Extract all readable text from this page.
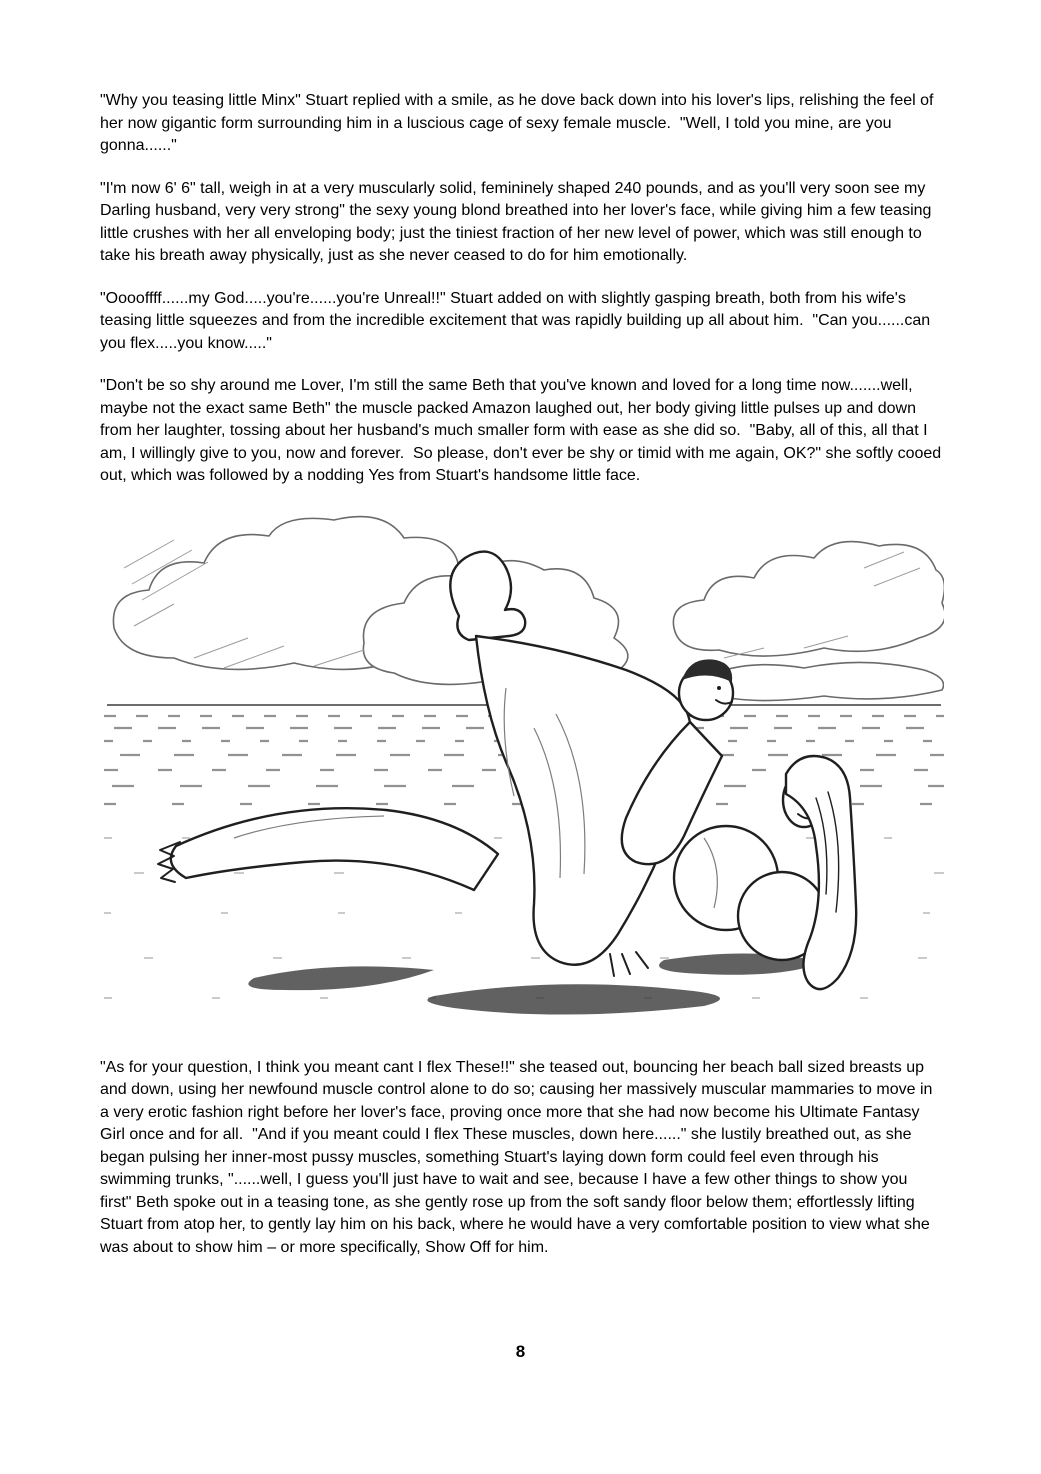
"Why you teasing little Minx" Stuart replied with a smile, as he dove back down into his lover's lips, relishing the feel of her now gigantic form surrounding him in a luscious cage of sexy female muscle.  "Well, I told you mine, are you gonna......"

"I'm now 6' 6" tall, weigh in at a very muscularly solid, femininely shaped 240 pounds, and as you'll very soon see my Darling husband, very very strong" the sexy young blond breathed into her lover's face, while giving him a few teasing little crushes with her all enveloping body; just the tiniest fraction of her new level of power, which was still enough to take his breath away physically, just as she never ceased to do for him emotionally.

"Ooooffff......my God.....you're......you're Unreal!!" Stuart added on with slightly gasping breath, both from his wife's teasing little squeezes and from the incredible excitement that was rapidly building up all about him.  "Can you......can you flex.....you know....."

"Don't be so shy around me Lover, I'm still the same Beth that you've known and loved for a long time now.......well, maybe not the exact same Beth" the muscle packed Amazon laughed out, her body giving little pulses up and down from her laughter, tossing about her husband's much smaller form with ease as she did so.  "Baby, all of this, all that I am, I willingly give to you, now and forever.  So please, don't ever be shy or timid with me again, OK?" she softly cooed out, which was followed by a nodding Yes from Stuart's handsome little face.

"As for your question, I think you meant cant I flex These!!" she teased out, bouncing her beach ball sized breasts up and down, using her newfound muscle control alone to do so; causing her massively muscular mammaries to move in a very erotic fashion right before her lover's face, proving once more that she had now become his Ultimate Fantasy Girl once and for all.  "And if you meant could I flex These muscles, down here......" she lustily breathed out, as she began pulsing her inner-most pussy muscles, something Stuart's laying down form could feel even through his swimming trunks, "......well, I guess you'll just have to wait and see, because I have a few other things to show you first" Beth spoke out in a teasing tone, as she gently rose up from the soft sandy floor below them; effortlessly lifting Stuart from atop her, to gently lay him on his back, where he would have a very comfortable position to view what she was about to show him – or more specifically, Show Off for him.

8
